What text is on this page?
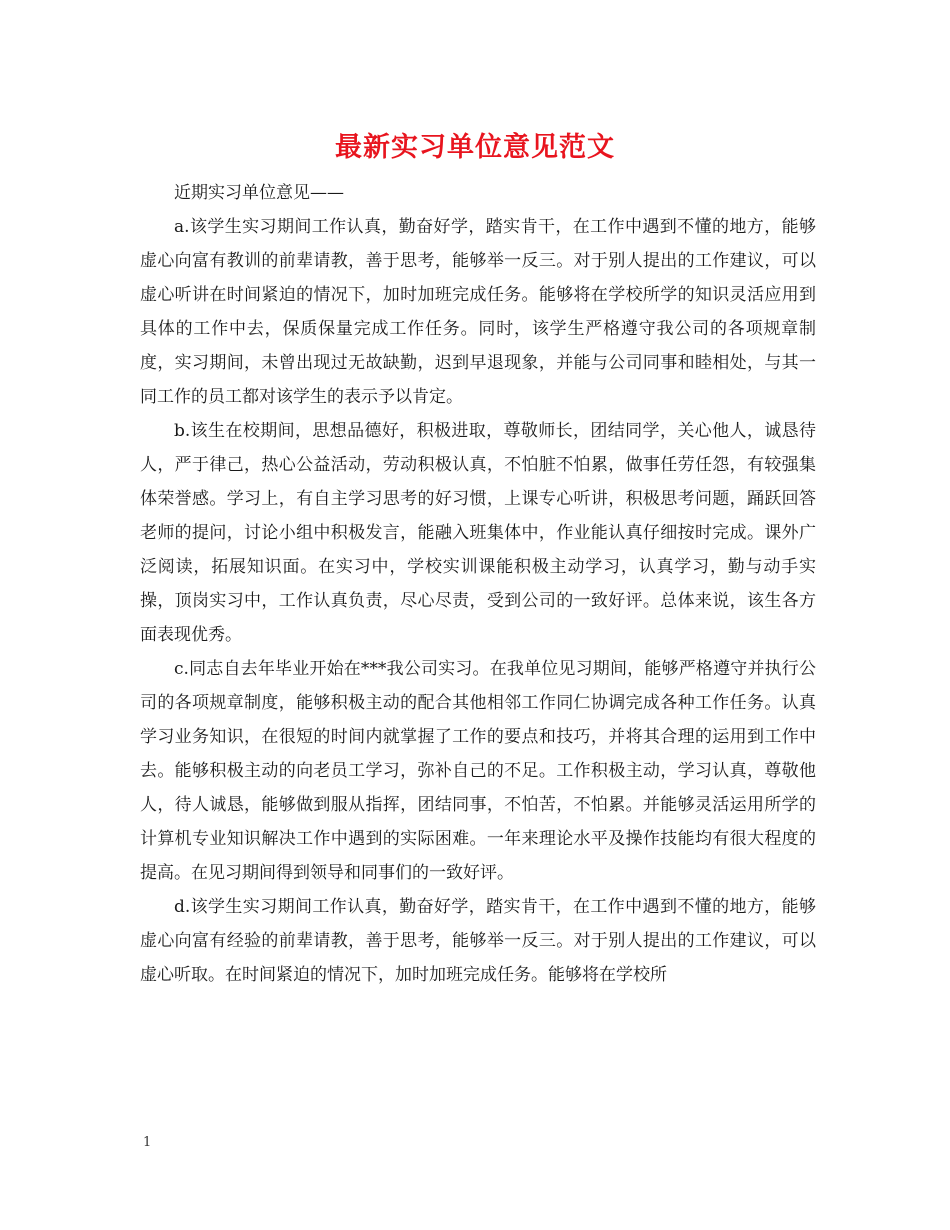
最新实习单位意见范文

近期实习单位意见——

a.该学生实习期间工作认真，勤奋好学，踏实肯干，在工作中遇到不懂的地方，能够虚心向富有教训的前辈请教，善于思考，能够举一反三。对于别人提出的工作建议，可以虚心听讲在时间紧迫的情况下，加时加班完成任务。能够将在学校所学的知识灵活应用到具体的工作中去，保质保量完成工作任务。同时，该学生严格遵守我公司的各项规章制度，实习期间，未曾出现过无故缺勤，迟到早退现象，并能与公司同事和睦相处，与其一同工作的员工都对该学生的表示予以肯定。

b.该生在校期间，思想品德好，积极进取，尊敬师长，团结同学，关心他人，诚恳待人，严于律己，热心公益活动，劳动积极认真，不怕脏不怕累，做事任劳任怨，有较强集体荣誉感。学习上，有自主学习思考的好习惯，上课专心听讲，积极思考问题，踊跃回答老师的提问，讨论小组中积极发言，能融入班集体中，作业能认真仔细按时完成。课外广泛阅读，拓展知识面。在实习中，学校实训课能积极主动学习，认真学习，勤与动手实操，顶岗实习中，工作认真负责，尽心尽责，受到公司的一致好评。总体来说，该生各方面表现优秀。

c.同志自去年毕业开始在***我公司实习。在我单位见习期间，能够严格遵守并执行公司的各项规章制度，能够积极主动的配合其他相邻工作同仁协调完成各种工作任务。认真学习业务知识，在很短的时间内就掌握了工作的要点和技巧，并将其合理的运用到工作中去。能够积极主动的向老员工学习，弥补自己的不足。工作积极主动，学习认真，尊敬他人，待人诚恳，能够做到服从指挥，团结同事，不怕苦，不怕累。并能够灵活运用所学的计算机专业知识解决工作中遇到的实际困难。一年来理论水平及操作技能均有很大程度的提高。在见习期间得到领导和同事们的一致好评。

d.该学生实习期间工作认真，勤奋好学，踏实肯干，在工作中遇到不懂的地方，能够虚心向富有经验的前辈请教，善于思考，能够举一反三。对于别人提出的工作建议，可以虚心听取。在时间紧迫的情况下，加时加班完成任务。能够将在学校所

1
